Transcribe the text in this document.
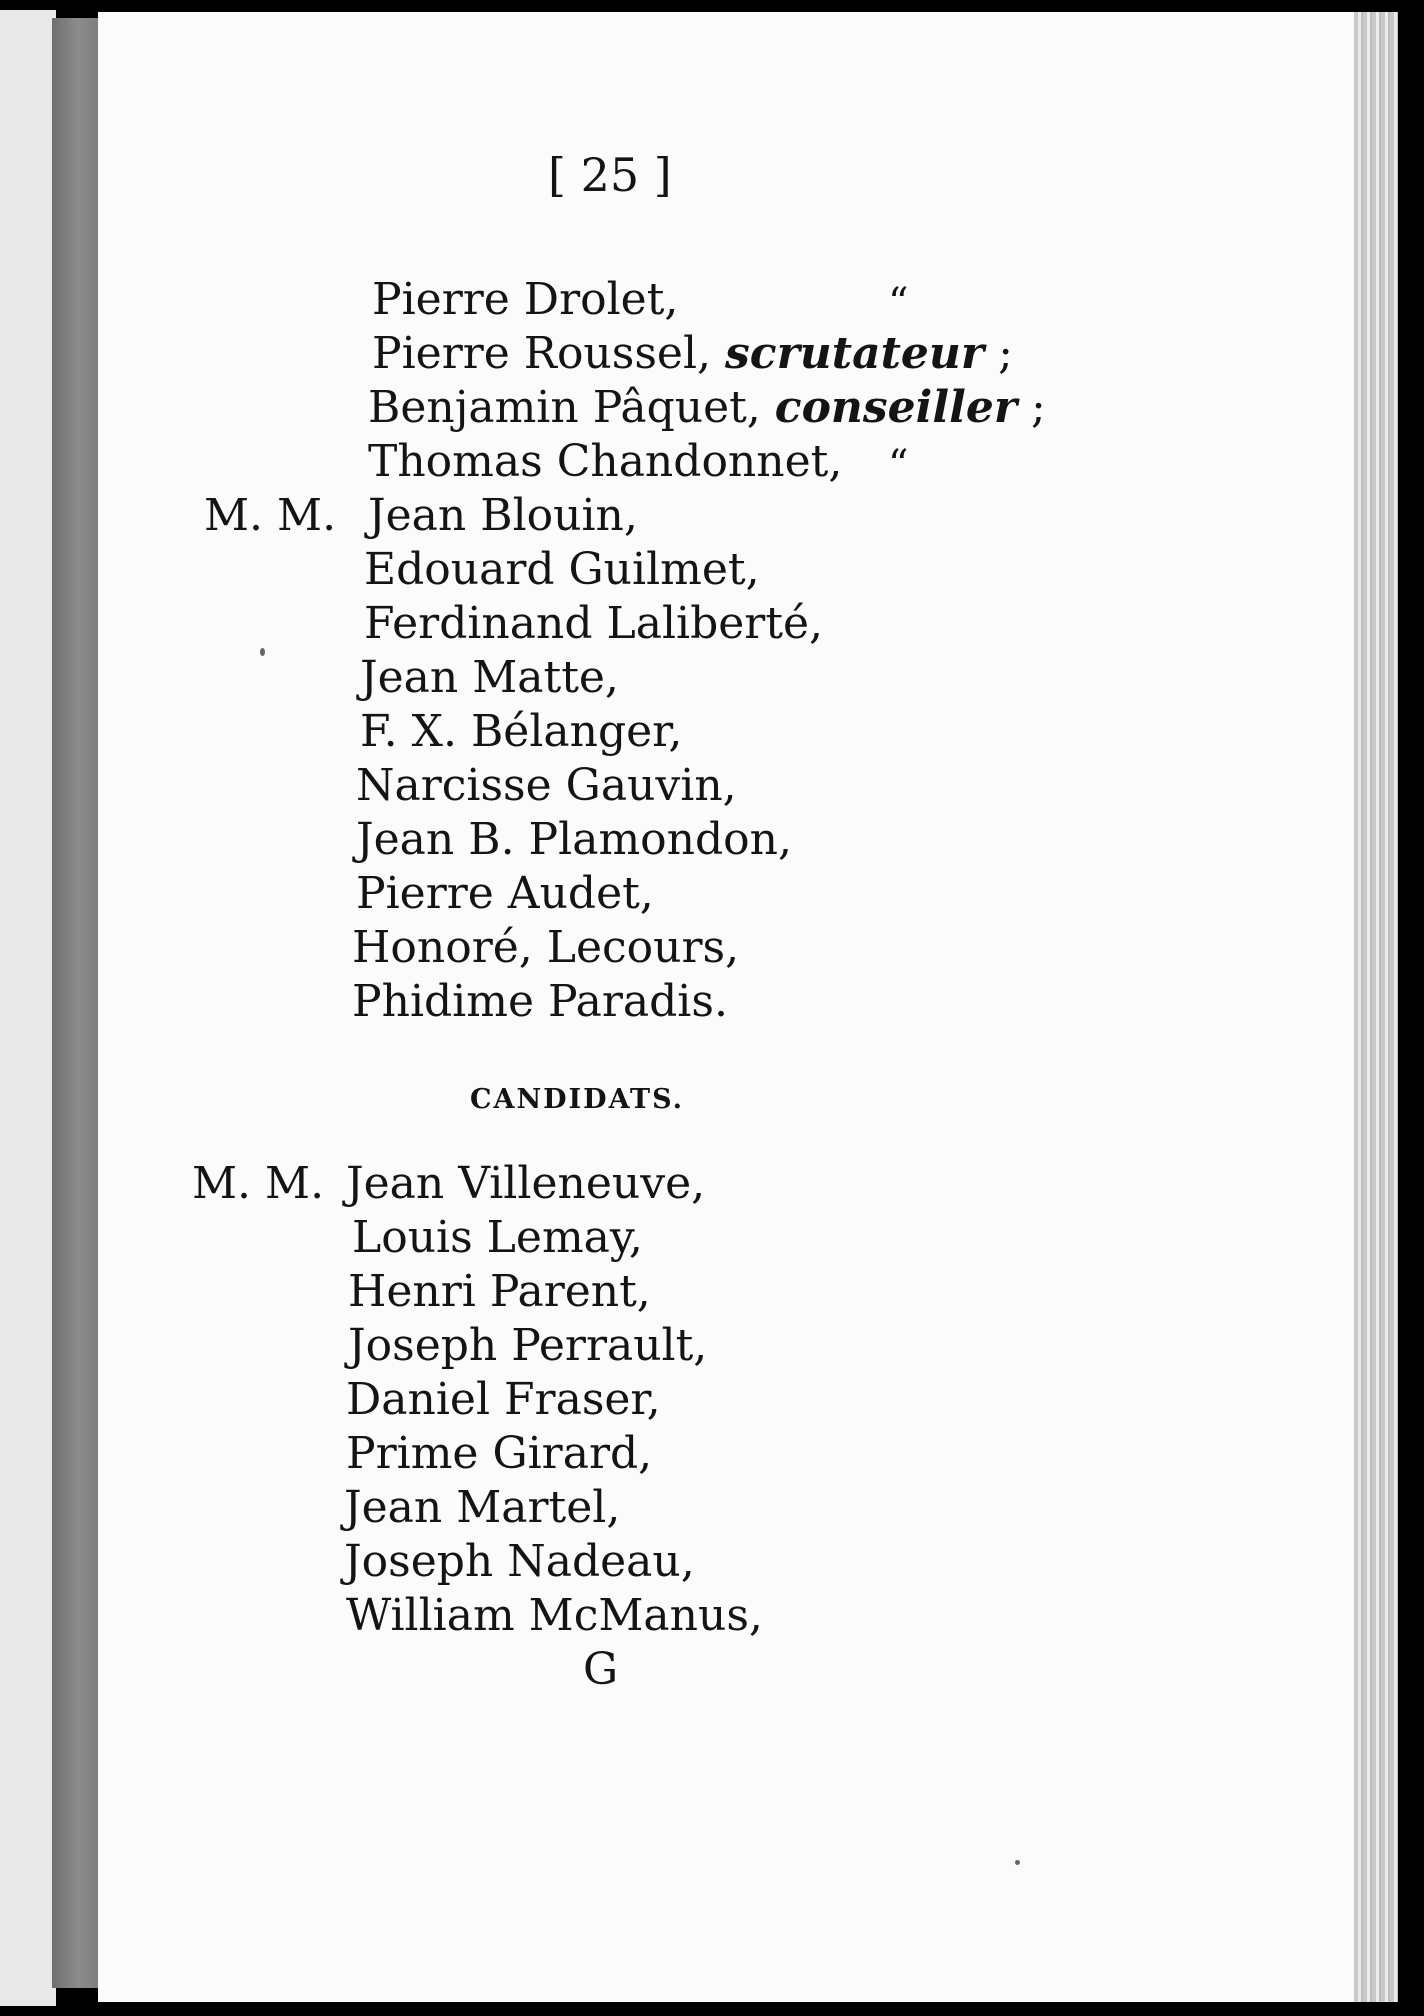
[ 25 ]
Pierre Drolet,	“
Pierre Roussel, scrutateur ;
Benjamin Pâquet, conseiller ;
Thomas Chandonnet, “
M. M. Jean Blouin,
Edouard Guilmet,
Ferdinand Laliberté,
Jean Matte,
F. X. Bélanger,
Narcisse Gauvin,
Jean B. Plamondon,
Pierre Audet,
Honoré, Lecours,
Phidime Paradis.
CANDIDATS.
M. M. Jean Villeneuve,
Louis Lemay,
Henri Parent,
Joseph Perrault,
Daniel Fraser,
Prime Girard,
Jean Martel,
Joseph Nadeau,
William McManus,
G
